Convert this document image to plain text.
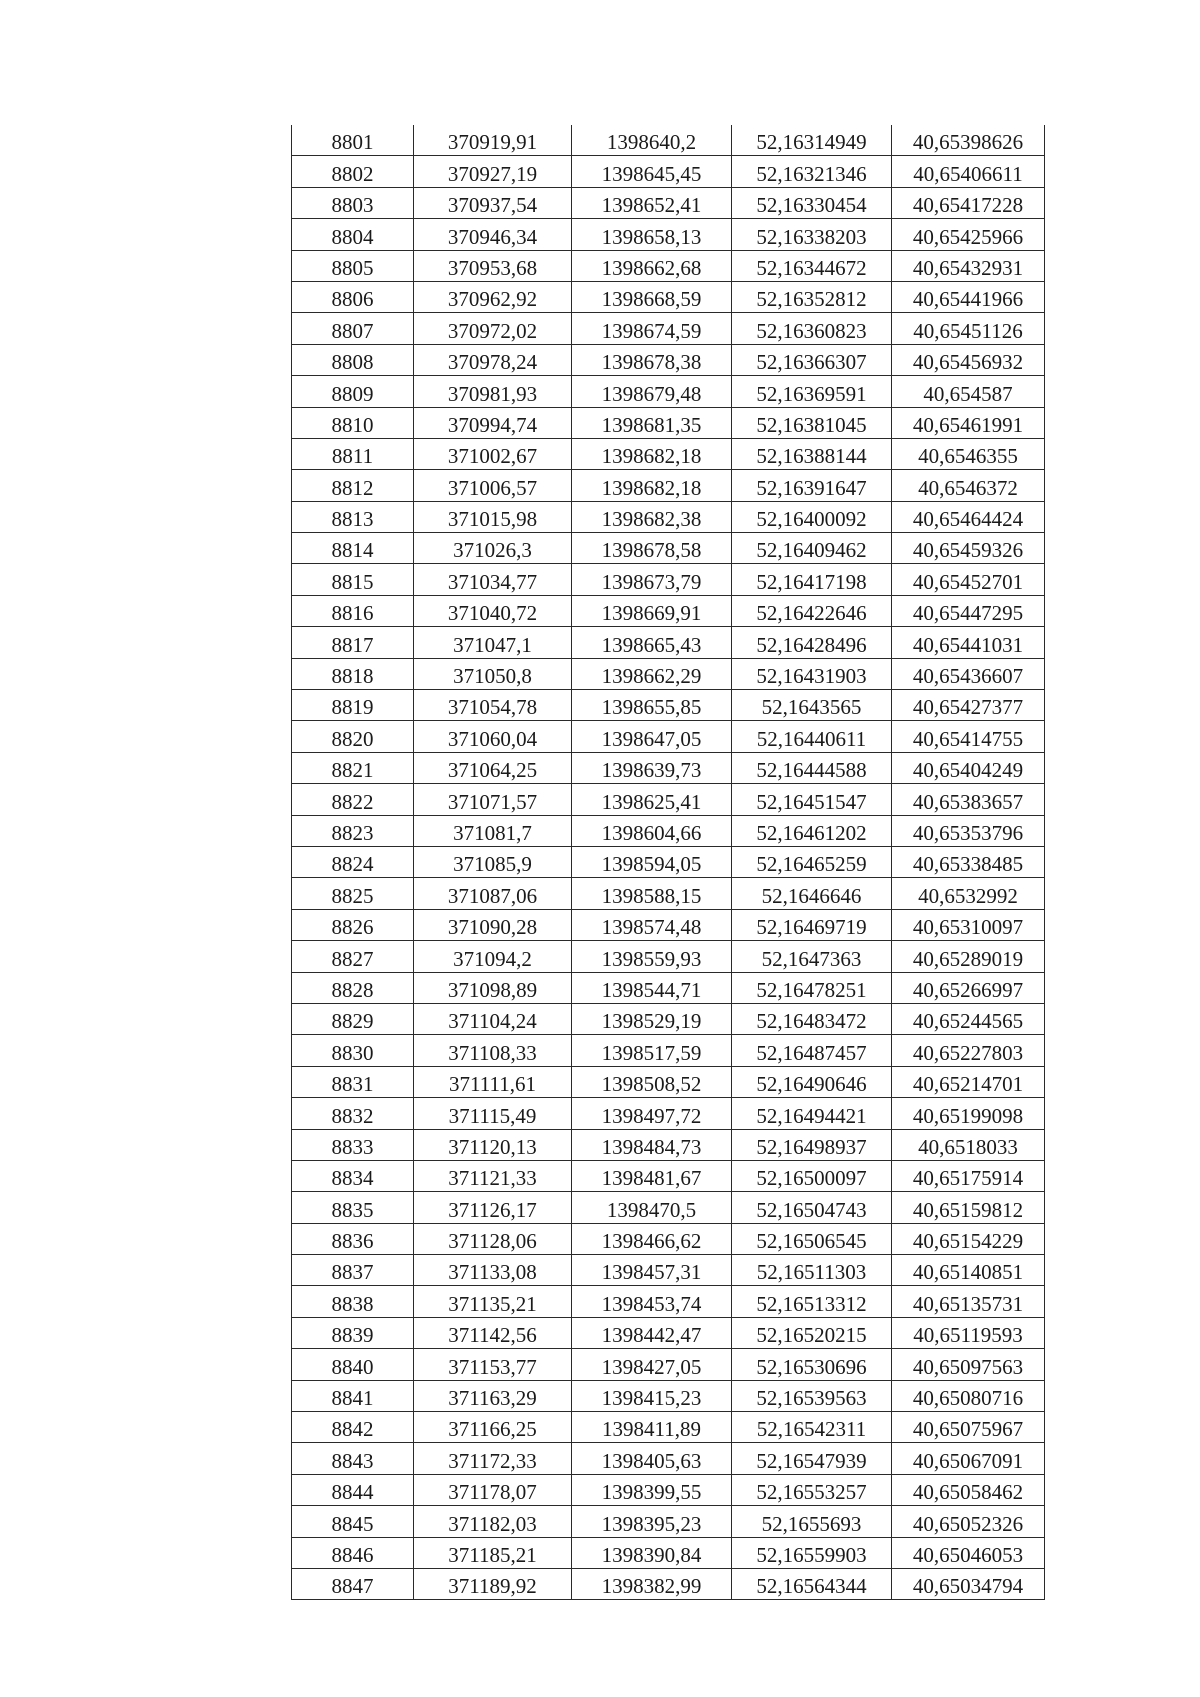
8801	370919,91	1398640,2	52,16314949	40,65398626
8802	370927,19	1398645,45	52,16321346	40,65406611
8803	370937,54	1398652,41	52,16330454	40,65417228
8804	370946,34	1398658,13	52,16338203	40,65425966
8805	370953,68	1398662,68	52,16344672	40,65432931
8806	370962,92	1398668,59	52,16352812	40,65441966
8807	370972,02	1398674,59	52,16360823	40,65451126
8808	370978,24	1398678,38	52,16366307	40,65456932
8809	370981,93	1398679,48	52,16369591	40,654587
8810	370994,74	1398681,35	52,16381045	40,65461991
8811	371002,67	1398682,18	52,16388144	40,6546355
8812	371006,57	1398682,18	52,16391647	40,6546372
8813	371015,98	1398682,38	52,16400092	40,65464424
8814	371026,3	1398678,58	52,16409462	40,65459326
8815	371034,77	1398673,79	52,16417198	40,65452701
8816	371040,72	1398669,91	52,16422646	40,65447295
8817	371047,1	1398665,43	52,16428496	40,65441031
8818	371050,8	1398662,29	52,16431903	40,65436607
8819	371054,78	1398655,85	52,1643565	40,65427377
8820	371060,04	1398647,05	52,16440611	40,65414755
8821	371064,25	1398639,73	52,16444588	40,65404249
8822	371071,57	1398625,41	52,16451547	40,65383657
8823	371081,7	1398604,66	52,16461202	40,65353796
8824	371085,9	1398594,05	52,16465259	40,65338485
8825	371087,06	1398588,15	52,1646646	40,6532992
8826	371090,28	1398574,48	52,16469719	40,65310097
8827	371094,2	1398559,93	52,1647363	40,65289019
8828	371098,89	1398544,71	52,16478251	40,65266997
8829	371104,24	1398529,19	52,16483472	40,65244565
8830	371108,33	1398517,59	52,16487457	40,65227803
8831	371111,61	1398508,52	52,16490646	40,65214701
8832	371115,49	1398497,72	52,16494421	40,65199098
8833	371120,13	1398484,73	52,16498937	40,6518033
8834	371121,33	1398481,67	52,16500097	40,65175914
8835	371126,17	1398470,5	52,16504743	40,65159812
8836	371128,06	1398466,62	52,16506545	40,65154229
8837	371133,08	1398457,31	52,16511303	40,65140851
8838	371135,21	1398453,74	52,16513312	40,65135731
8839	371142,56	1398442,47	52,16520215	40,65119593
8840	371153,77	1398427,05	52,16530696	40,65097563
8841	371163,29	1398415,23	52,16539563	40,65080716
8842	371166,25	1398411,89	52,16542311	40,65075967
8843	371172,33	1398405,63	52,16547939	40,65067091
8844	371178,07	1398399,55	52,16553257	40,65058462
8845	371182,03	1398395,23	52,1655693	40,65052326
8846	371185,21	1398390,84	52,16559903	40,65046053
8847	371189,92	1398382,99	52,16564344	40,65034794
